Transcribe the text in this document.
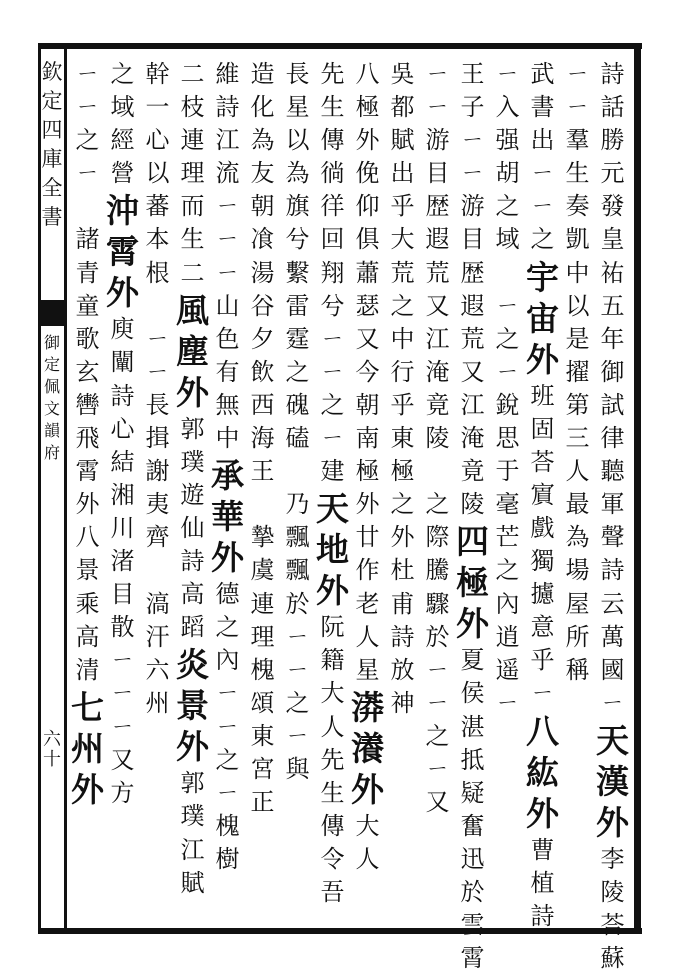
欽定四庫全書
御定佩文韻府
六十
詩話勝元發皇祐五年御試律聽軍聲詩云萬國ㄧ
天漢外
李陵荅蘇
ㄧㄧ羣生奏凱中以是擢第三人最為場屋所稱
武書出ㄧㄧ之
宇宙外
班固荅賔戲獨攄意乎ㄧ
八紘外
曹植詩
ㄧ入强胡之域

ㄧ之ㄧ銳思于毫芒之內逍遥ㄧ
王子ㄧㄧ游目歴遐荒又江淹竟陵
四極外
夏侯湛抵疑奮迅於雲霄
ㄧㄧ游目歴遐荒又江淹竟陵

之際騰驟於ㄧㄧ之ㄧ又
吳都賦出乎大荒之中行乎東極之外杜甫詩放神
八極外俛仰俱蕭瑟又今朝南極外廿作老人星
漭瀁外
大人
先生傳徜徉回翔兮ㄧㄧ之ㄧ建
天地外
阮籍大人先生傳令吾
長星以為旗兮繫雷霆之磈磕

乃飄飄於ㄧㄧ之ㄧ與
造化為友朝飡湯谷夕飲西海王

摯虞連理槐頌東宮正
維詩江流ㄧㄧㄧ山色有無中
承華外
德之內ㄧㄧ之ㄧ槐樹
二枝連理而生二
風塵外
郭璞遊仙詩高蹈
炎景外
郭璞江賦
幹一心以蕃本根

ㄧㄧ長揖謝夷齊

滈汗六州
之域經營
沖霄外
庾闡詩心結湘川渚目散ㄧㄧㄧ又方
ㄧㄧ之ㄧ

諸青童歌玄轡飛霄外八景乘高清
七州外
